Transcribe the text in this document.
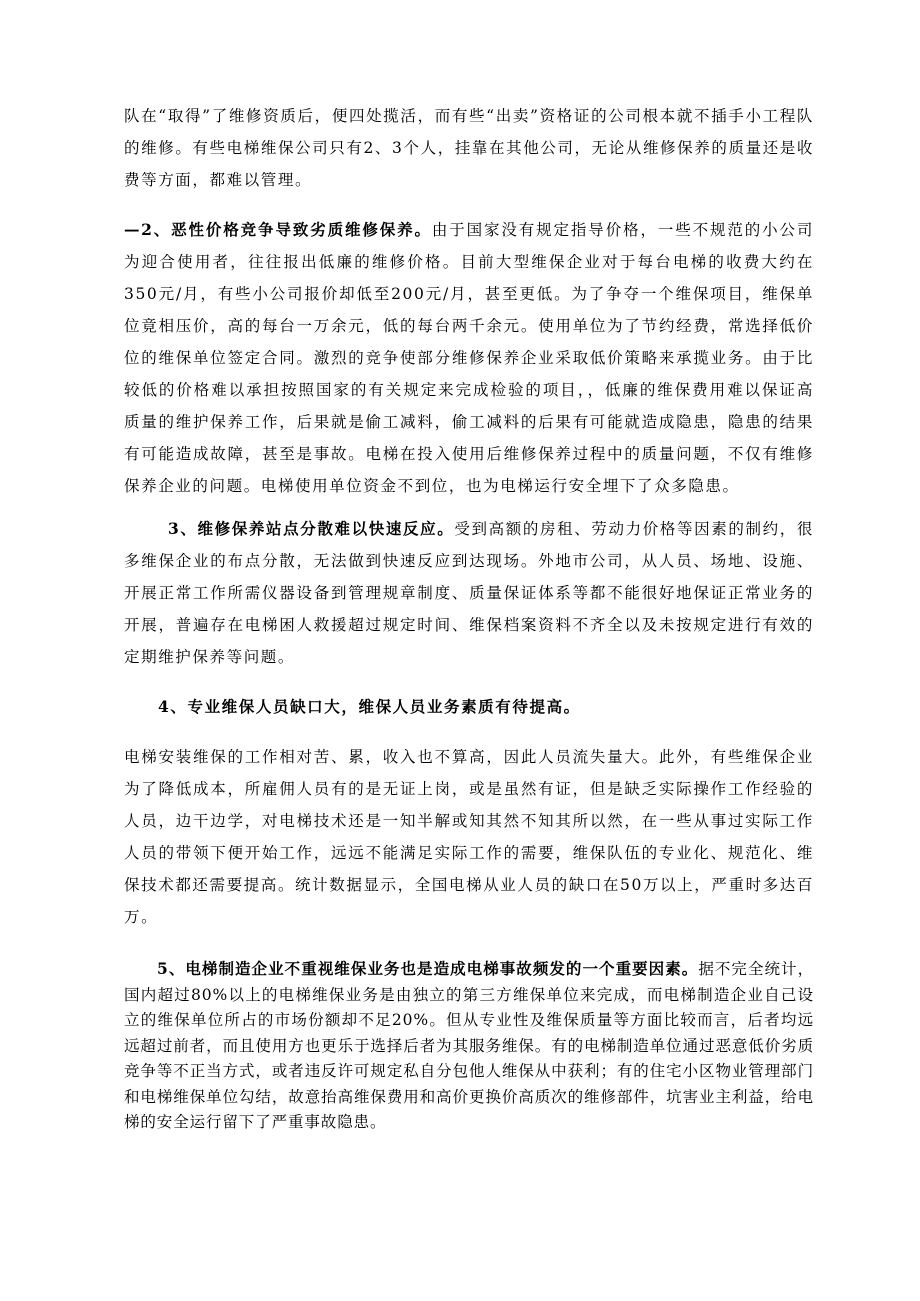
队在“取得”了维修资质后，便四处揽活，而有些“出卖”资格证的公司根本就不插手小工程队的维修。有些电梯维保公司只有2、3个人，挂靠在其他公司，无论从维修保养的质量还是收费等方面，都难以管理。

—2、恶性价格竞争导致劣质维修保养。由于国家没有规定指导价格，一些不规范的小公司为迎合使用者，往往报出低廉的维修价格。目前大型维保企业对于每台电梯的收费大约在350元/月，有些小公司报价却低至200元/月，甚至更低。为了争夺一个维保项目，维保单位竟相压价，高的每台一万余元，低的每台两千余元。使用单位为了节约经费，常选择低价位的维保单位签定合同。激烈的竞争使部分维修保养企业采取低价策略来承揽业务。由于比较低的价格难以承担按照国家的有关规定来完成检验的项目，，低廉的维保费用难以保证高质量的维护保养工作，后果就是偷工减料，偷工减料的后果有可能就造成隐患，隐患的结果有可能造成故障，甚至是事故。电梯在投入使用后维修保养过程中的质量问题，不仅有维修保养企业的问题。电梯使用单位资金不到位，也为电梯运行安全埋下了众多隐患。

3、维修保养站点分散难以快速反应。受到高额的房租、劳动力价格等因素的制约，很多维保企业的布点分散，无法做到快速反应到达现场。外地市公司，从人员、场地、设施、开展正常工作所需仪器设备到管理规章制度、质量保证体系等都不能很好地保证正常业务的开展，普遍存在电梯困人救援超过规定时间、维保档案资料不齐全以及未按规定进行有效的定期维护保养等问题。

4、专业维保人员缺口大，维保人员业务素质有待提高。

电梯安装维保的工作相对苦、累，收入也不算高，因此人员流失量大。此外，有些维保企业为了降低成本，所雇佣人员有的是无证上岗，或是虽然有证，但是缺乏实际操作工作经验的人员，边干边学，对电梯技术还是一知半解或知其然不知其所以然，在一些从事过实际工作人员的带领下便开始工作，远远不能满足实际工作的需要，维保队伍的专业化、规范化、维保技术都还需要提高。统计数据显示，全国电梯从业人员的缺口在50万以上，严重时多达百万。

5、电梯制造企业不重视维保业务也是造成电梯事故频发的一个重要因素。据不完全统计，国内超过80%以上的电梯维保业务是由独立的第三方维保单位来完成，而电梯制造企业自己设立的维保单位所占的市场份额却不足20%。但从专业性及维保质量等方面比较而言，后者均远远超过前者，而且使用方也更乐于选择后者为其服务维保。有的电梯制造单位通过恶意低价劣质竞争等不正当方式，或者违反许可规定私自分包他人维保从中获利；有的住宅小区物业管理部门和电梯维保单位勾结，故意抬高维保费用和高价更换价高质次的维修部件，坑害业主利益，给电梯的安全运行留下了严重事故隐患。
